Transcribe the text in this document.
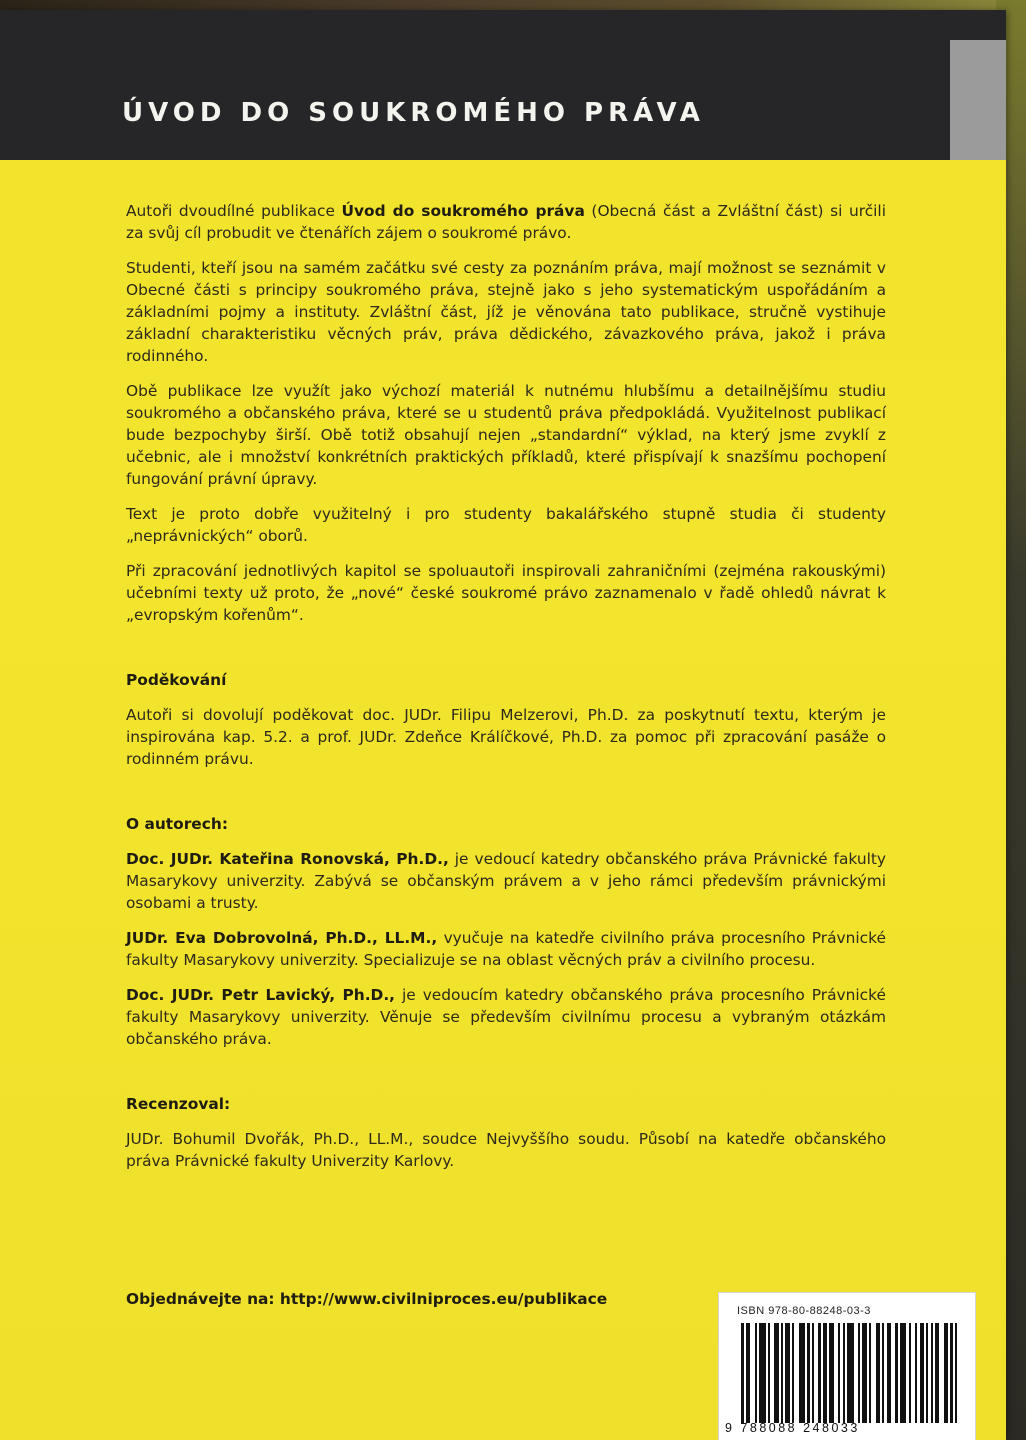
ÚVOD DO SOUKROMÉHO PRÁVA

Autoři dvoudílné publikace Úvod do soukromého práva (Obecná část a Zvláštní část) si určili za svůj cíl probudit ve čtenářích zájem o soukromé právo.

Studenti, kteří jsou na samém začátku své cesty za poznáním práva, mají možnost se seznámit v Obecné části s principy soukromého práva, stejně jako s jeho systematickým uspořádáním a základními pojmy a instituty. Zvláštní část, jíž je věnována tato publikace, stručně vystihuje základní charakteristiku věcných práv, práva dědického, závazkového práva, jakož i práva rodinného.

Obě publikace lze využít jako výchozí materiál k nutnému hlubšímu a detailnějšímu studiu soukromého a občanského práva, které se u studentů práva předpokládá. Využitelnost publikací bude bezpochyby širší. Obě totiž obsahují nejen „standardní“ výklad, na který jsme zvyklí z učebnic, ale i množství konkrétních praktických příkladů, které přispívají k snazšímu pochopení fungování právní úpravy.

Text je proto dobře využitelný i pro studenty bakalářského stupně studia či studenty „neprávnických“ oborů.

Při zpracování jednotlivých kapitol se spoluautoři inspirovali zahraničními (zejména rakouskými) učebními texty už proto, že „nové“ české soukromé právo zaznamenalo v řadě ohledů návrat k „evropským kořenům“.

Poděkování

Autoři si dovolují poděkovat doc. JUDr. Filipu Melzerovi, Ph.D. za poskytnutí textu, kterým je inspirována kap. 5.2. a prof. JUDr. Zdeňce Králíčkové, Ph.D. za pomoc při zpracování pasáže o rodinném právu.

O autorech:

Doc. JUDr. Kateřina Ronovská, Ph.D., je vedoucí katedry občanského práva Právnické fakulty Masarykovy univerzity. Zabývá se občanským právem a v jeho rámci především právnickými osobami a trusty.

JUDr. Eva Dobrovolná, Ph.D., LL.M., vyučuje na katedře civilního práva procesního Právnické fakulty Masarykovy univerzity. Specializuje se na oblast věcných práv a civilního procesu.

Doc. JUDr. Petr Lavický, Ph.D., je vedoucím katedry občanského práva procesního Právnické fakulty Masarykovy univerzity. Věnuje se především civilnímu procesu a vybraným otázkám občanského práva.

Recenzoval:

JUDr. Bohumil Dvořák, Ph.D., LL.M., soudce Nejvyššího soudu. Působí na katedře občanského práva Právnické fakulty Univerzity Karlovy.

Objednávejte na: http://www.civilniproces.eu/publikace
ISBN 978-80-88248-03-3
9 788088 248033
